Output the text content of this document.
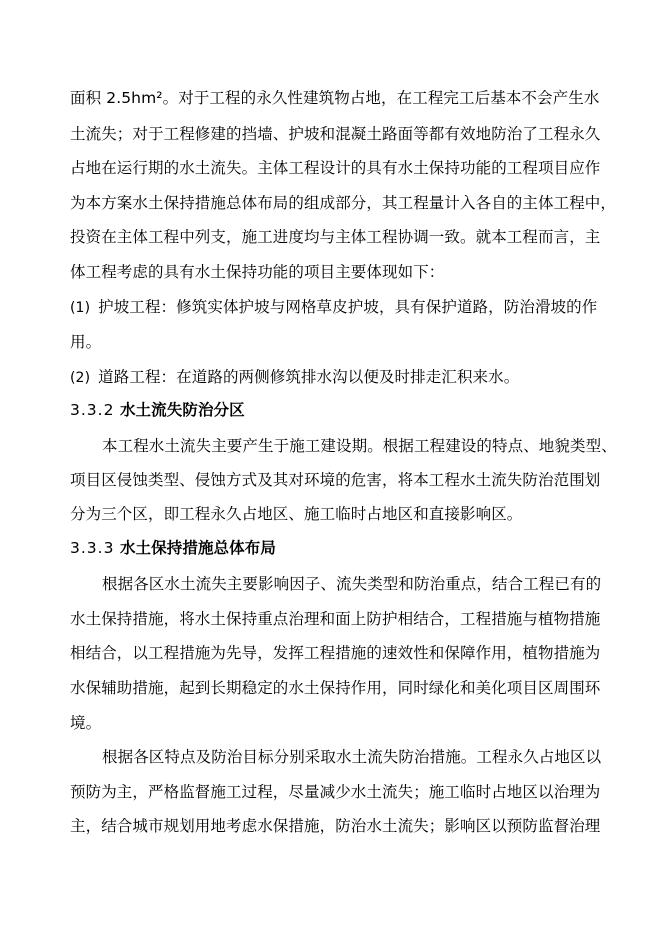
面积 2.5hm²。对于工程的永久性建筑物占地，在工程完工后基本不会产生水
土流失；对于工程修建的挡墙、护坡和混凝土路面等都有效地防治了工程永久
占地在运行期的水土流失。主体工程设计的具有水土保持功能的工程项目应作
为本方案水土保持措施总体布局的组成部分，其工程量计入各自的主体工程中，
投资在主体工程中列支，施工进度均与主体工程协调一致。就本工程而言，主
体工程考虑的具有水土保持功能的项目主要体现如下：
(1) 护坡工程：修筑实体护坡与网格草皮护坡，具有保护道路，防治滑坡的作
用。
(2) 道路工程：在道路的两侧修筑排水沟以便及时排走汇积来水。
3.3.2 水土流失防治分区
本工程水土流失主要产生于施工建设期。根据工程建设的特点、地貌类型、
项目区侵蚀类型、侵蚀方式及其对环境的危害，将本工程水土流失防治范围划
分为三个区，即工程永久占地区、施工临时占地区和直接影响区。
3.3.3 水土保持措施总体布局
根据各区水土流失主要影响因子、流失类型和防治重点，结合工程已有的
水土保持措施，将水土保持重点治理和面上防护相结合，工程措施与植物措施
相结合，以工程措施为先导，发挥工程措施的速效性和保障作用，植物措施为
水保辅助措施，起到长期稳定的水土保持作用，同时绿化和美化项目区周围环
境。
根据各区特点及防治目标分别采取水土流失防治措施。工程永久占地区以
预防为主，严格监督施工过程，尽量减少水土流失；施工临时占地区以治理为
主，结合城市规划用地考虑水保措施，防治水土流失；影响区以预防监督治理
